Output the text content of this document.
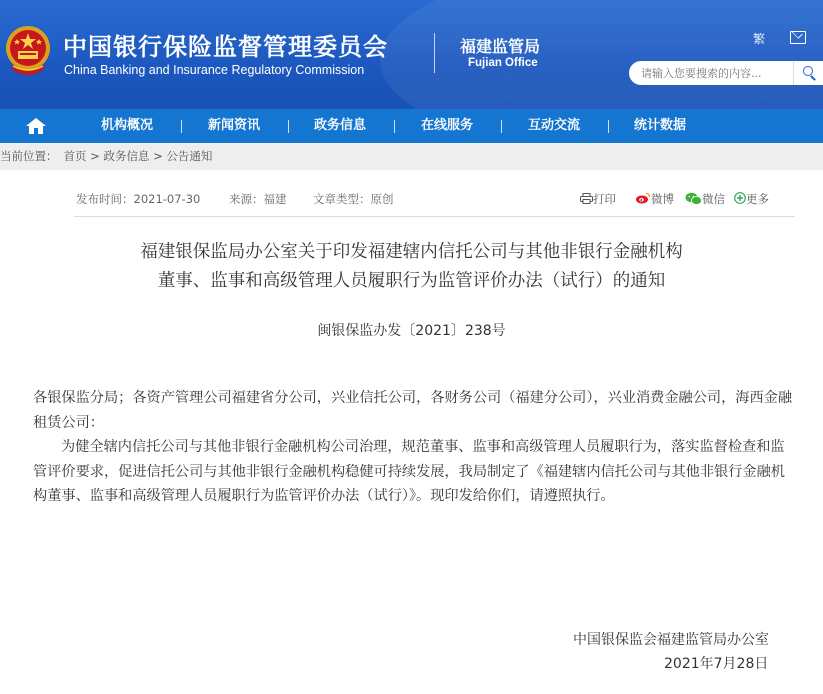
中国银行保险监督管理委员会
China Banking and Insurance Regulatory Commission
福建监管局
Fujian Office
繁
请输入您要搜索的内容...
机构概况	新闻资讯	政务信息	在线服务	互动交流	统计数据
当前位置： 首页 > 政务信息 > 公告通知
发布时间：2021-07-30 来源：福建 文章类型：原创	打印	微博	微信	更多
福建银保监局办公室关于印发福建辖内信托公司与其他非银行金融机构
董事、监事和高级管理人员履职行为监管评价办法（试行）的通知
闽银保监办发〔2021〕238号
各银保监分局；各资产管理公司福建省分公司，兴业信托公司，各财务公司（福建分公司），兴业消费金融公司，海西金融租赁公司：
为健全辖内信托公司与其他非银行金融机构公司治理，规范董事、监事和高级管理人员履职行为，落实监督检查和监管评价要求，促进信托公司与其他非银行金融机构稳健可持续发展，我局制定了《福建辖内信托公司与其他非银行金融机构董事、监事和高级管理人员履职行为监管评价办法（试行）》。现印发给你们，请遵照执行。
中国银保监会福建监管局办公室
2021年7月28日
